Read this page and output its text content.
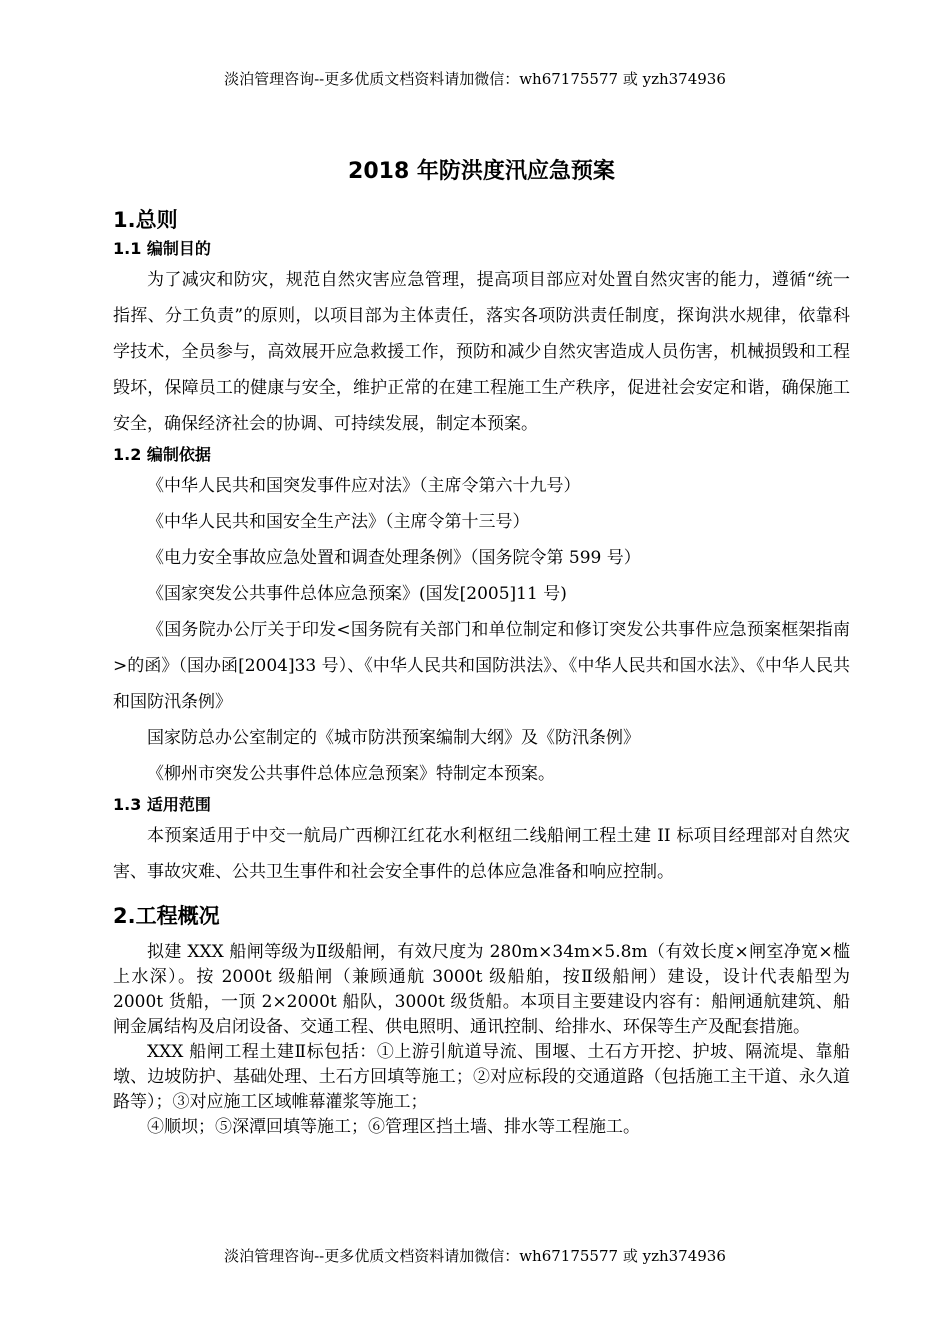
淡泊管理咨询--更多优质文档资料请加微信：wh67175577 或 yzh374936
2018 年防洪度汛应急预案
1.总则
1.1 编制目的

为了减灾和防灾，规范自然灾害应急管理，提高项目部应对处置自然灾害的能力，遵循“统一指挥、分工负责”的原则，以项目部为主体责任，落实各项防洪责任制度，探询洪水规律，依靠科学技术，全员参与，高效展开应急救援工作，预防和减少自然灾害造成人员伤害，机械损毁和工程毁坏，保障员工的健康与安全，维护正常的在建工程施工生产秩序，促进社会安定和谐，确保施工安全，确保经济社会的协调、可持续发展，制定本预案。

1.2 编制依据

《中华人民共和国突发事件应对法》（主席令第六十九号）

《中华人民共和国安全生产法》（主席令第十三号）

《电力安全事故应急处置和调查处理条例》（国务院令第 599 号）

《国家突发公共事件总体应急预案》(国发[2005]11 号)

《国务院办公厅关于印发<国务院有关部门和单位制定和修订突发公共事件应急预案框架指南>的函》（国办函[2004]33 号）、《中华人民共和国防洪法》、《中华人民共和国水法》、《中华人民共和国防汛条例》

国家防总办公室制定的《城市防洪预案编制大纲》及《防汛条例》

《柳州市突发公共事件总体应急预案》特制定本预案。

1.3 适用范围

本预案适用于中交一航局广西柳江红花水利枢纽二线船闸工程土建 II 标项目经理部对自然灾害、事故灾难、公共卫生事件和社会安全事件的总体应急准备和响应控制。

2.工程概况

拟建 XXX 船闸等级为Ⅱ级船闸，有效尺度为 280m×34m×5.8m（有效长度×闸室净宽×槛上水深）。按 2000t 级船闸（兼顾通航 3000t 级船舶，按Ⅱ级船闸）建设，设计代表船型为 2000t 货船，一顶 2×2000t 船队，3000t 级货船。本项目主要建设内容有：船闸通航建筑、船闸金属结构及启闭设备、交通工程、供电照明、通讯控制、给排水、环保等生产及配套措施。

XXX 船闸工程土建Ⅱ标包括：①上游引航道导流、围堰、土石方开挖、护坡、隔流堤、靠船墩、边坡防护、基础处理、土石方回填等施工；②对应标段的交通道路（包括施工主干道、永久道路等）；③对应施工区域帷幕灌浆等施工；

④顺坝；⑤深潭回填等施工；⑥管理区挡土墙、排水等工程施工。

淡泊管理咨询--更多优质文档资料请加微信：wh67175577 或 yzh374936
